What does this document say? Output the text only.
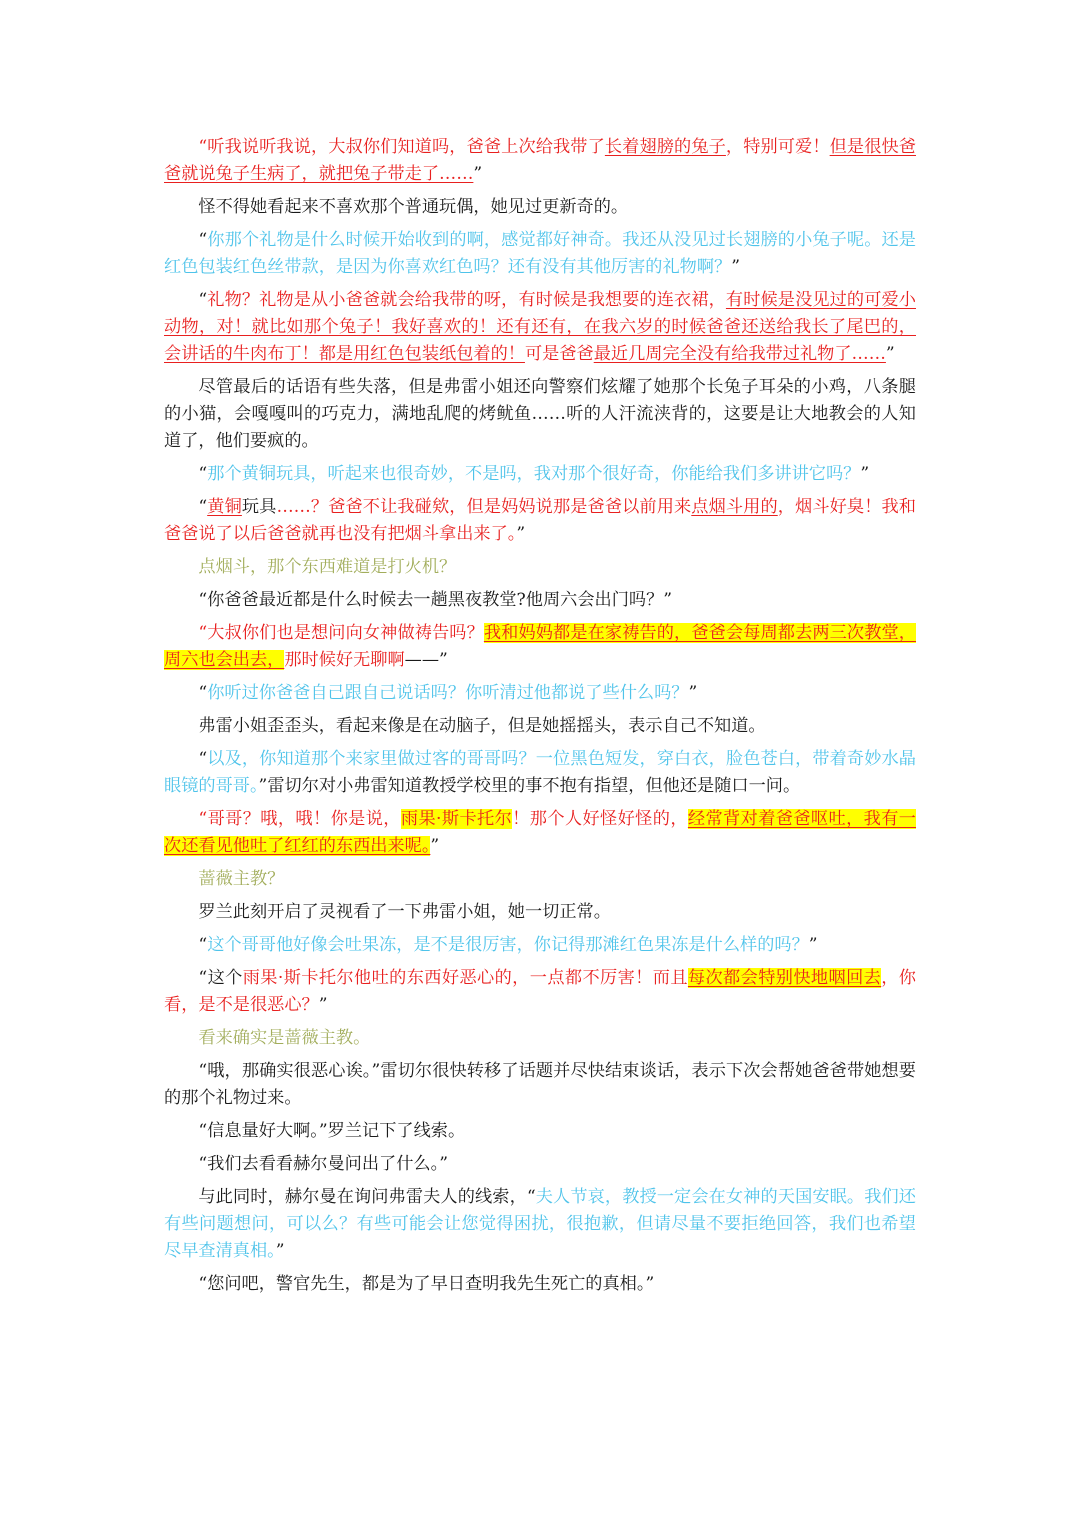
“听我说听我说，大叔你们知道吗，爸爸上次给我带了长着翅膀的兔子，特别可爱！但是很快爸爸就说兔子生病了，就把兔子带走了……”

怪不得她看起来不喜欢那个普通玩偶，她见过更新奇的。

“你那个礼物是什么时候开始收到的啊，感觉都好神奇。我还从没见过长翅膀的小兔子呢。还是红色包装红色丝带款，是因为你喜欢红色吗？还有没有其他厉害的礼物啊？”

“礼物？礼物是从小爸爸就会给我带的呀，有时候是我想要的连衣裙，有时候是没见过的可爱小动物，对！就比如那个兔子！我好喜欢的！还有还有，在我六岁的时候爸爸还送给我长了尾巴的，会讲话的牛肉布丁！都是用红色包装纸包着的！可是爸爸最近几周完全没有给我带过礼物了……”

尽管最后的话语有些失落，但是弗雷小姐还向警察们炫耀了她那个长兔子耳朵的小鸡，八条腿的小猫，会嘎嘎叫的巧克力，满地乱爬的烤鱿鱼……听的人汗流浃背的，这要是让大地教会的人知道了，他们要疯的。

“那个黄铜玩具，听起来也很奇妙，不是吗，我对那个很好奇，你能给我们多讲讲它吗？”

“黄铜玩具……？爸爸不让我碰欸，但是妈妈说那是爸爸以前用来点烟斗用的，烟斗好臭！我和爸爸说了以后爸爸就再也没有把烟斗拿出来了。”

点烟斗，那个东西难道是打火机？

“你爸爸最近都是什么时候去一趟黑夜教堂?他周六会出门吗？”

“大叔你们也是想问向女神做祷告吗？我和妈妈都是在家祷告的，爸爸会每周都去两三次教堂，周六也会出去，那时候好无聊啊——”

“你听过你爸爸自己跟自己说话吗？你听清过他都说了些什么吗？”

弗雷小姐歪歪头，看起来像是在动脑子，但是她摇摇头，表示自己不知道。

“以及，你知道那个来家里做过客的哥哥吗？一位黑色短发，穿白衣，脸色苍白，带着奇妙水晶眼镜的哥哥。”雷切尔对小弗雷知道教授学校里的事不抱有指望，但他还是随口一问。

“哥哥？哦，哦！你是说，雨果·斯卡托尔！那个人好怪好怪的，经常背对着爸爸呕吐，我有一次还看见他吐了红红的东西出来呢。”

蔷薇主教？

罗兰此刻开启了灵视看了一下弗雷小姐，她一切正常。

“这个哥哥他好像会吐果冻，是不是很厉害，你记得那滩红色果冻是什么样的吗？”

“这个雨果·斯卡托尔他吐的东西好恶心的，一点都不厉害！而且每次都会特别快地咽回去，你看，是不是很恶心？”

看来确实是蔷薇主教。

“哦，那确实很恶心诶。”雷切尔很快转移了话题并尽快结束谈话，表示下次会帮她爸爸带她想要的那个礼物过来。

“信息量好大啊。”罗兰记下了线索。

“我们去看看赫尔曼问出了什么。”

与此同时，赫尔曼在询问弗雷夫人的线索，“夫人节哀，教授一定会在女神的天国安眠。我们还有些问题想问，可以么？有些可能会让您觉得困扰，很抱歉，但请尽量不要拒绝回答，我们也希望尽早查清真相。”

“您问吧，警官先生，都是为了早日查明我先生死亡的真相。”
